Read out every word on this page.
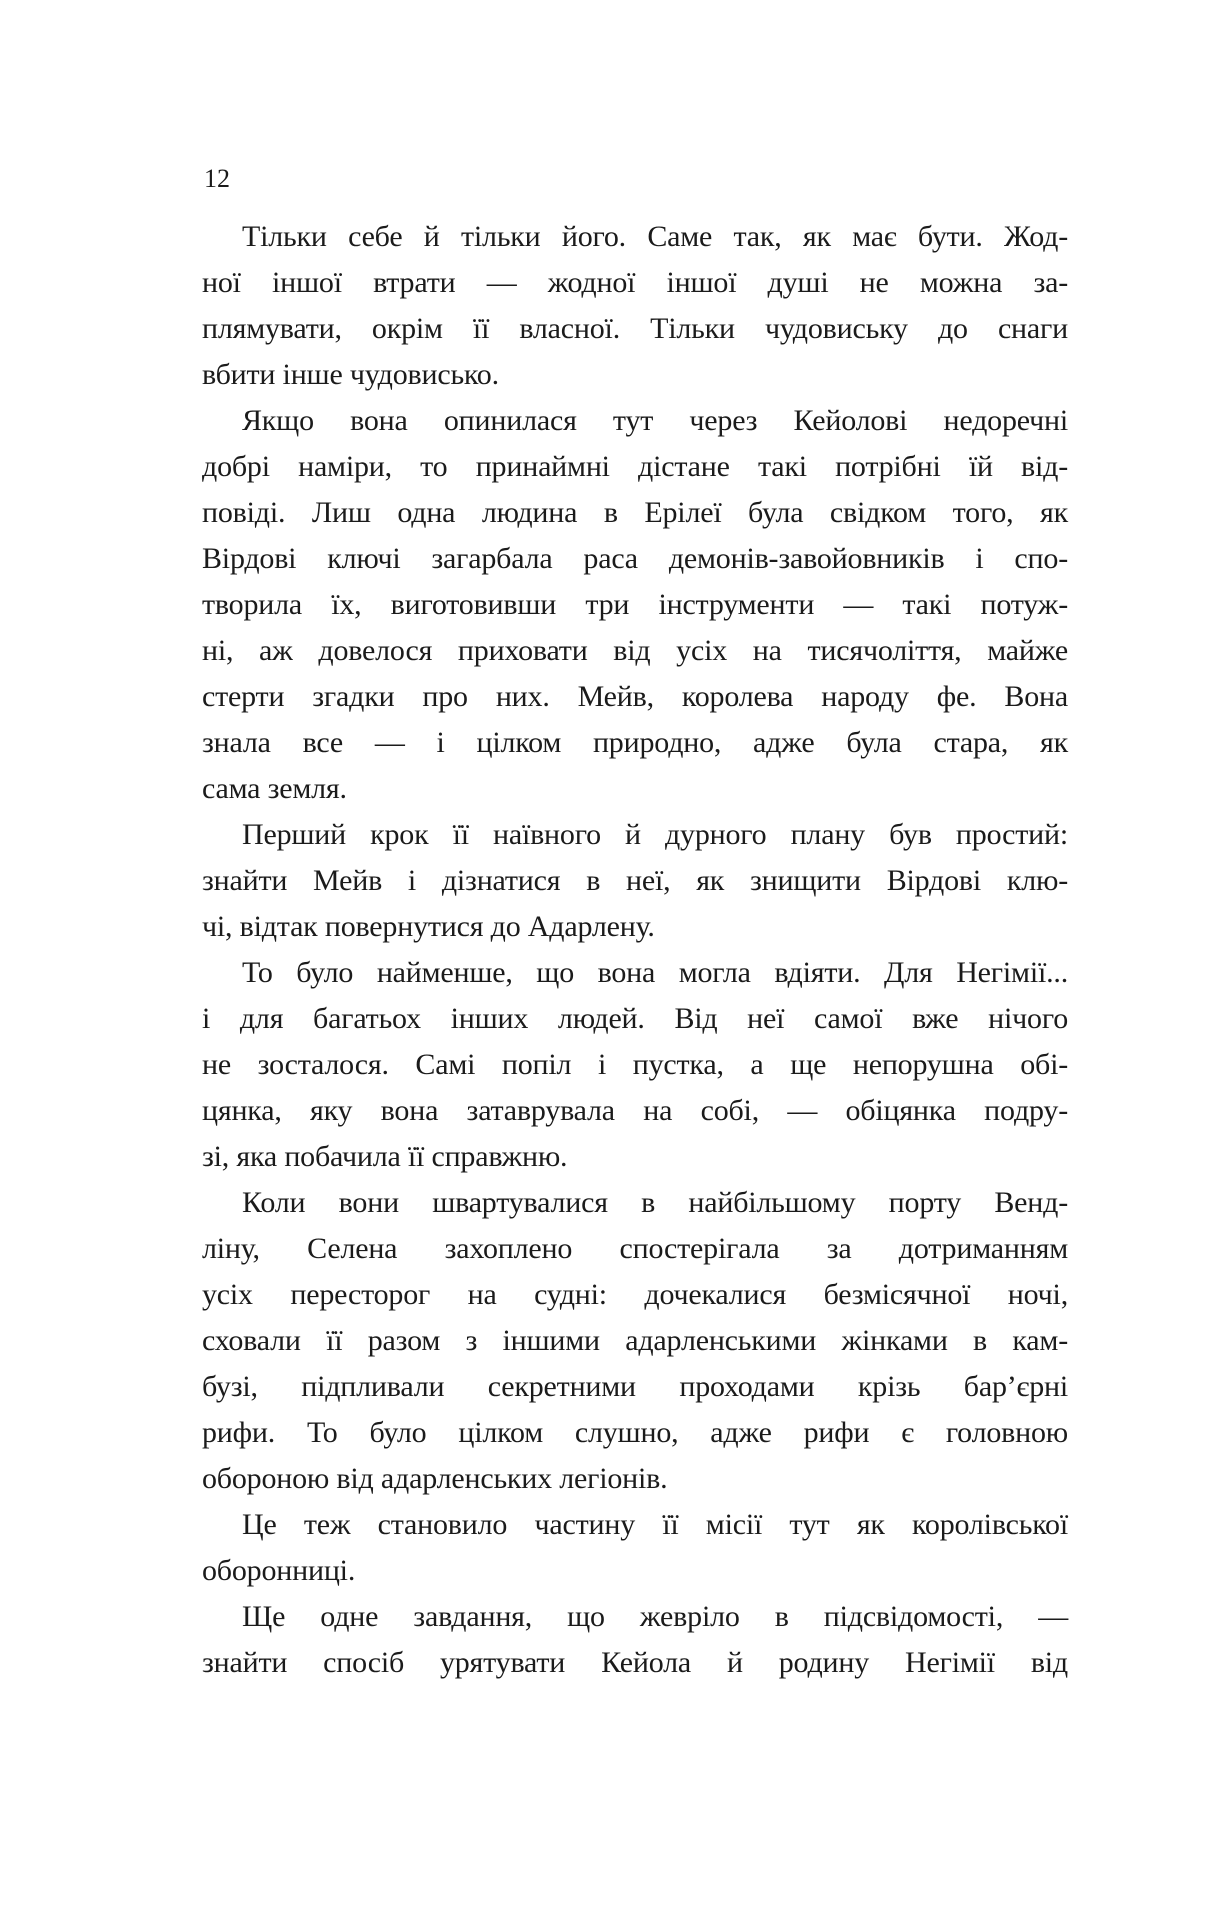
12
Тільки себе й тільки його. Саме так, як має бути. Жод-
ної іншої втрати — жодної іншої душі не можна за-
плямувати, окрім її власної. Тільки чудовиську до снаги
вбити інше чудовисько.
Якщо вона опинилася тут через Кейолові недоречні
добрі наміри, то принаймні дістане такі потрібні їй від-
повіді. Лиш одна людина в Ерілеї була свідком того, як
Вірдові ключі загарбала раса демонів-завойовників і спо-
творила їх, виготовивши три інструменти — такі потуж-
ні, аж довелося приховати від усіх на тисячоліття, майже
стерти згадки про них. Мейв, королева народу фе. Вона
знала все — і цілком природно, адже була стара, як
сама земля.
Перший крок її наївного й дурного плану був простий:
знайти Мейв і дізнатися в неї, як знищити Вірдові клю-
чі, відтак повернутися до Адарлену.
То було найменше, що вона могла вдіяти. Для Негімії...
і для багатьох інших людей. Від неї самої вже нічого
не зосталося. Самі попіл і пустка, а ще непорушна обі-
цянка, яку вона затаврувала на собі, — обіцянка подру-
зі, яка побачила її справжню.
Коли вони швартувалися в найбільшому порту Венд-
ліну, Селена захоплено спостерігала за дотриманням
усіх пересторог на судні: дочекалися безмісячної ночі,
сховали її разом з іншими адарленськими жінками в кам-
бузі, підпливали секретними проходами крізь бар’єрні
рифи. То було цілком слушно, адже рифи є головною
обороною від адарленських легіонів.
Це теж становило частину її місії тут як королівської
оборонниці.
Ще одне завдання, що жевріло в підсвідомості, —
знайти спосіб урятувати Кейола й родину Негімії від
